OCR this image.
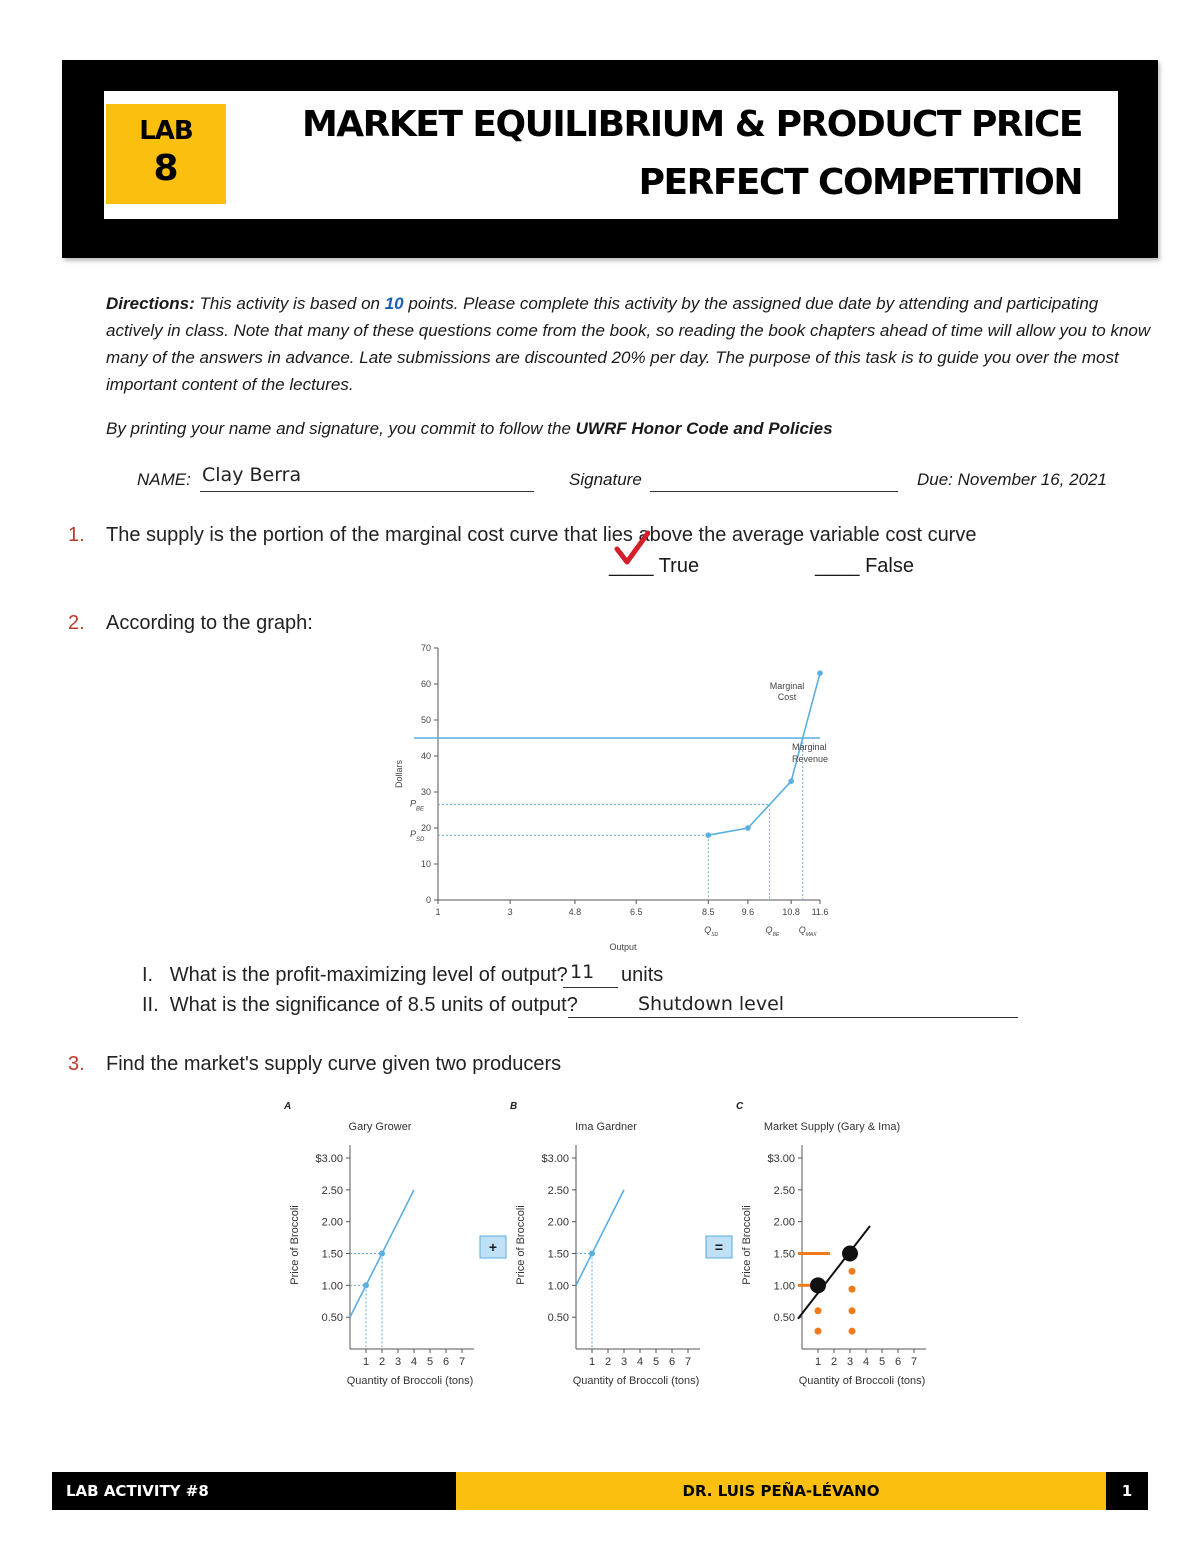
LAB
8
MARKET EQUILIBRIUM & PRODUCT PRICE
PERFECT COMPETITION
Directions: This activity is based on 10 points. Please complete this activity by the assigned due date by attending and participating actively in class. Note that many of these questions come from the book, so reading the book chapters ahead of time will allow you to know many of the answers in advance. Late submissions are discounted 20% per day. The purpose of this task is to guide you over the most important content of the lectures.
By printing your name and signature, you commit to follow the UWRF Honor Code and Policies
NAME: Clay Berra	Signature	Due: November 16, 2021
1. The supply is the portion of the marginal cost curve that lies above the average variable cost curve
____ True	____ False
2. According to the graph:
0
10
20
30
40
50
60
70
1	3	4.8	6.5	8.5	9.6	10.8 11.6
Output
Dollars
Marginal
Cost
Marginal
Revenue
$P_{BE}$
$P_{SD}$
$Q_{SD}$	$Q_{BE}$ $Q_{MAX}$
I. What is the profit-maximizing level of output? 11 units
II. What is the significance of 8.5 units of output?	Shutdown level
3. Find the market's supply curve given two producers
A
Gary Grower
$3.00
2.50
2.00
1.50
1.00
0.50
1 2 3 4 5 6 7
Quantity of Broccoli (tons)
Price of Broccoli
B
Ima Gardner
$3.00
2.50
2.00
1.50
1.00
0.50
1 2 3 4 5 6 7
Quantity of Broccoli (tons)
Price of Broccoli
C
Market Supply (Gary & Ima)
$3.00
2.50
2.00
1.50
1.00
0.50
1 2 3 4 5 6 7
Quantity of Broccoli (tons)
Price of Broccoli
+	=
LAB ACTIVITY #8	DR. LUIS PEÑA-LÉVANO	1
